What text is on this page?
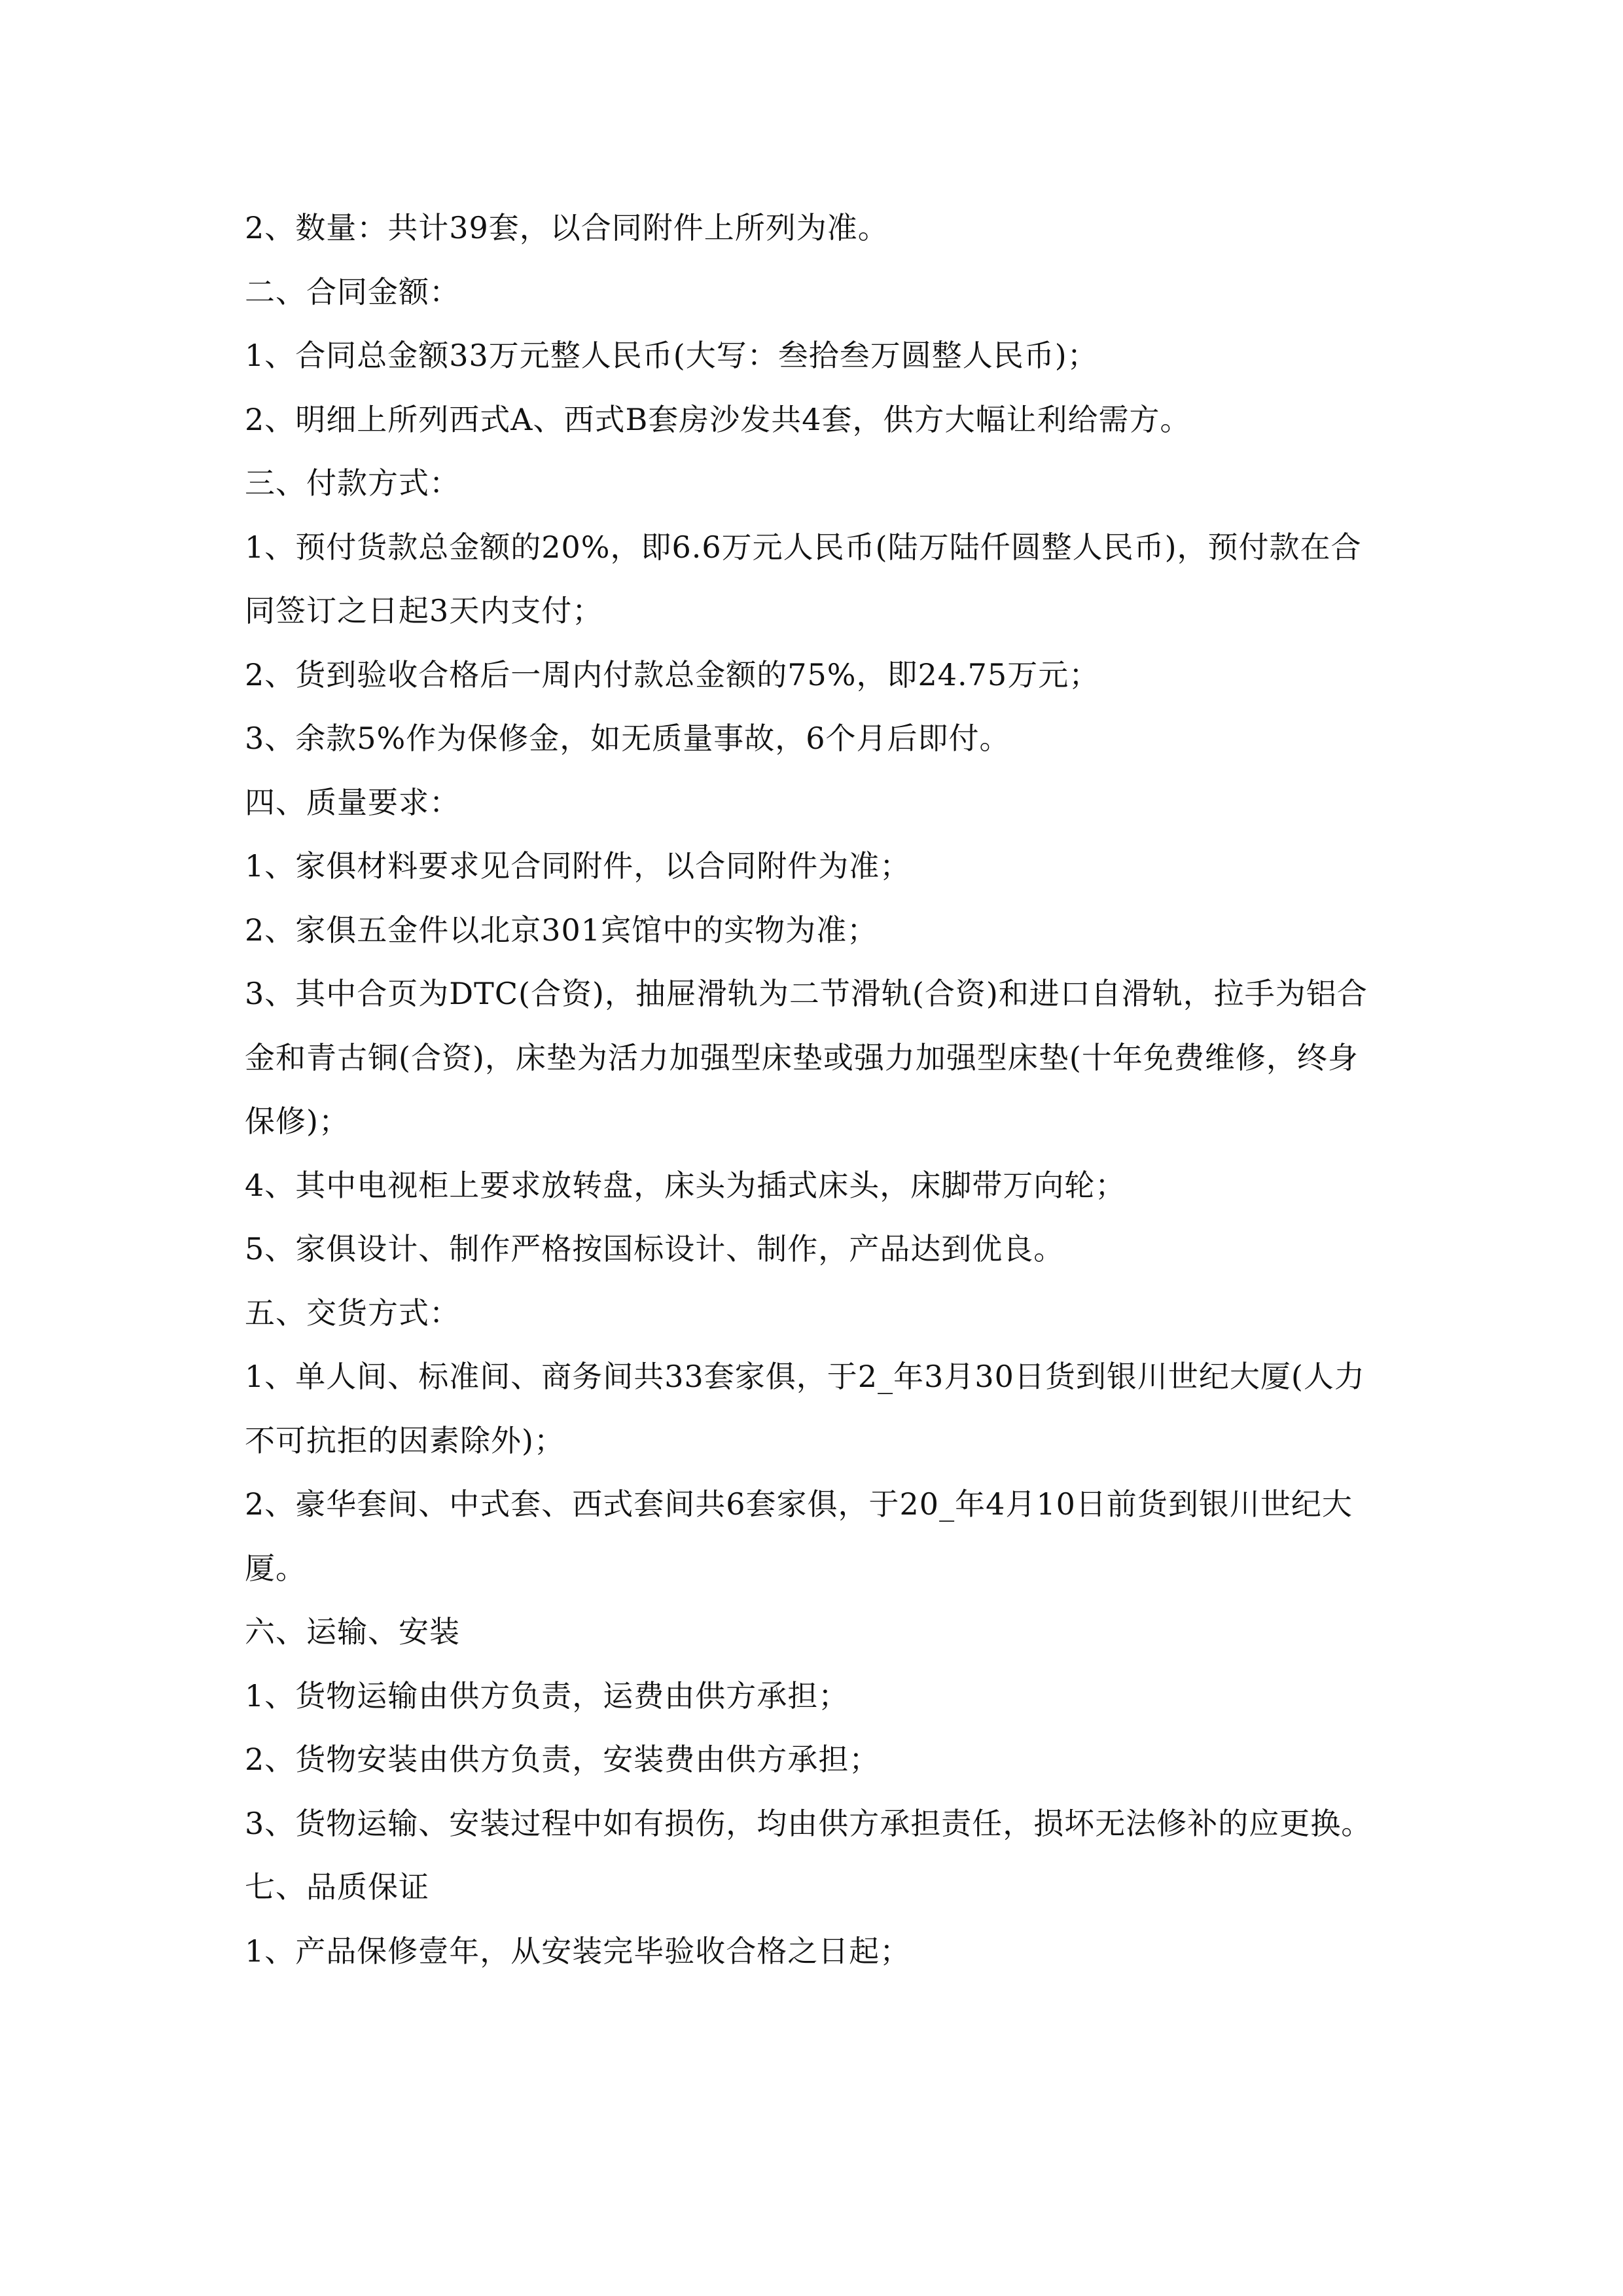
2、数量：共计39套，以合同附件上所列为准。

二、合同金额：

1、合同总金额33万元整人民币(大写：叁拾叁万圆整人民币)；

2、明细上所列西式A、西式B套房沙发共4套，供方大幅让利给需方。

三、付款方式：

1、预付货款总金额的20%，即6.6万元人民币(陆万陆仟圆整人民币)，预付款在合同签订之日起3天内支付；

2、货到验收合格后一周内付款总金额的75%，即24.75万元；

3、余款5%作为保修金，如无质量事故，6个月后即付。

四、质量要求：

1、家俱材料要求见合同附件，以合同附件为准；

2、家俱五金件以北京301宾馆中的实物为准；

3、其中合页为DTC(合资)，抽屉滑轨为二节滑轨(合资)和进口自滑轨，拉手为铝合金和青古铜(合资)，床垫为活力加强型床垫或强力加强型床垫(十年免费维修，终身保修)；

4、其中电视柜上要求放转盘，床头为插式床头，床脚带万向轮；

5、家俱设计、制作严格按国标设计、制作，产品达到优良。

五、交货方式：

1、单人间、标准间、商务间共33套家俱，于2_年3月30日货到银川世纪大厦(人力不可抗拒的因素除外)；

2、豪华套间、中式套、西式套间共6套家俱，于20_年4月10日前货到银川世纪大厦。

六、运输、安装

1、货物运输由供方负责，运费由供方承担；

2、货物安装由供方负责，安装费由供方承担；

3、货物运输、安装过程中如有损伤，均由供方承担责任，损坏无法修补的应更换。

七、品质保证

1、产品保修壹年，从安装完毕验收合格之日起；
